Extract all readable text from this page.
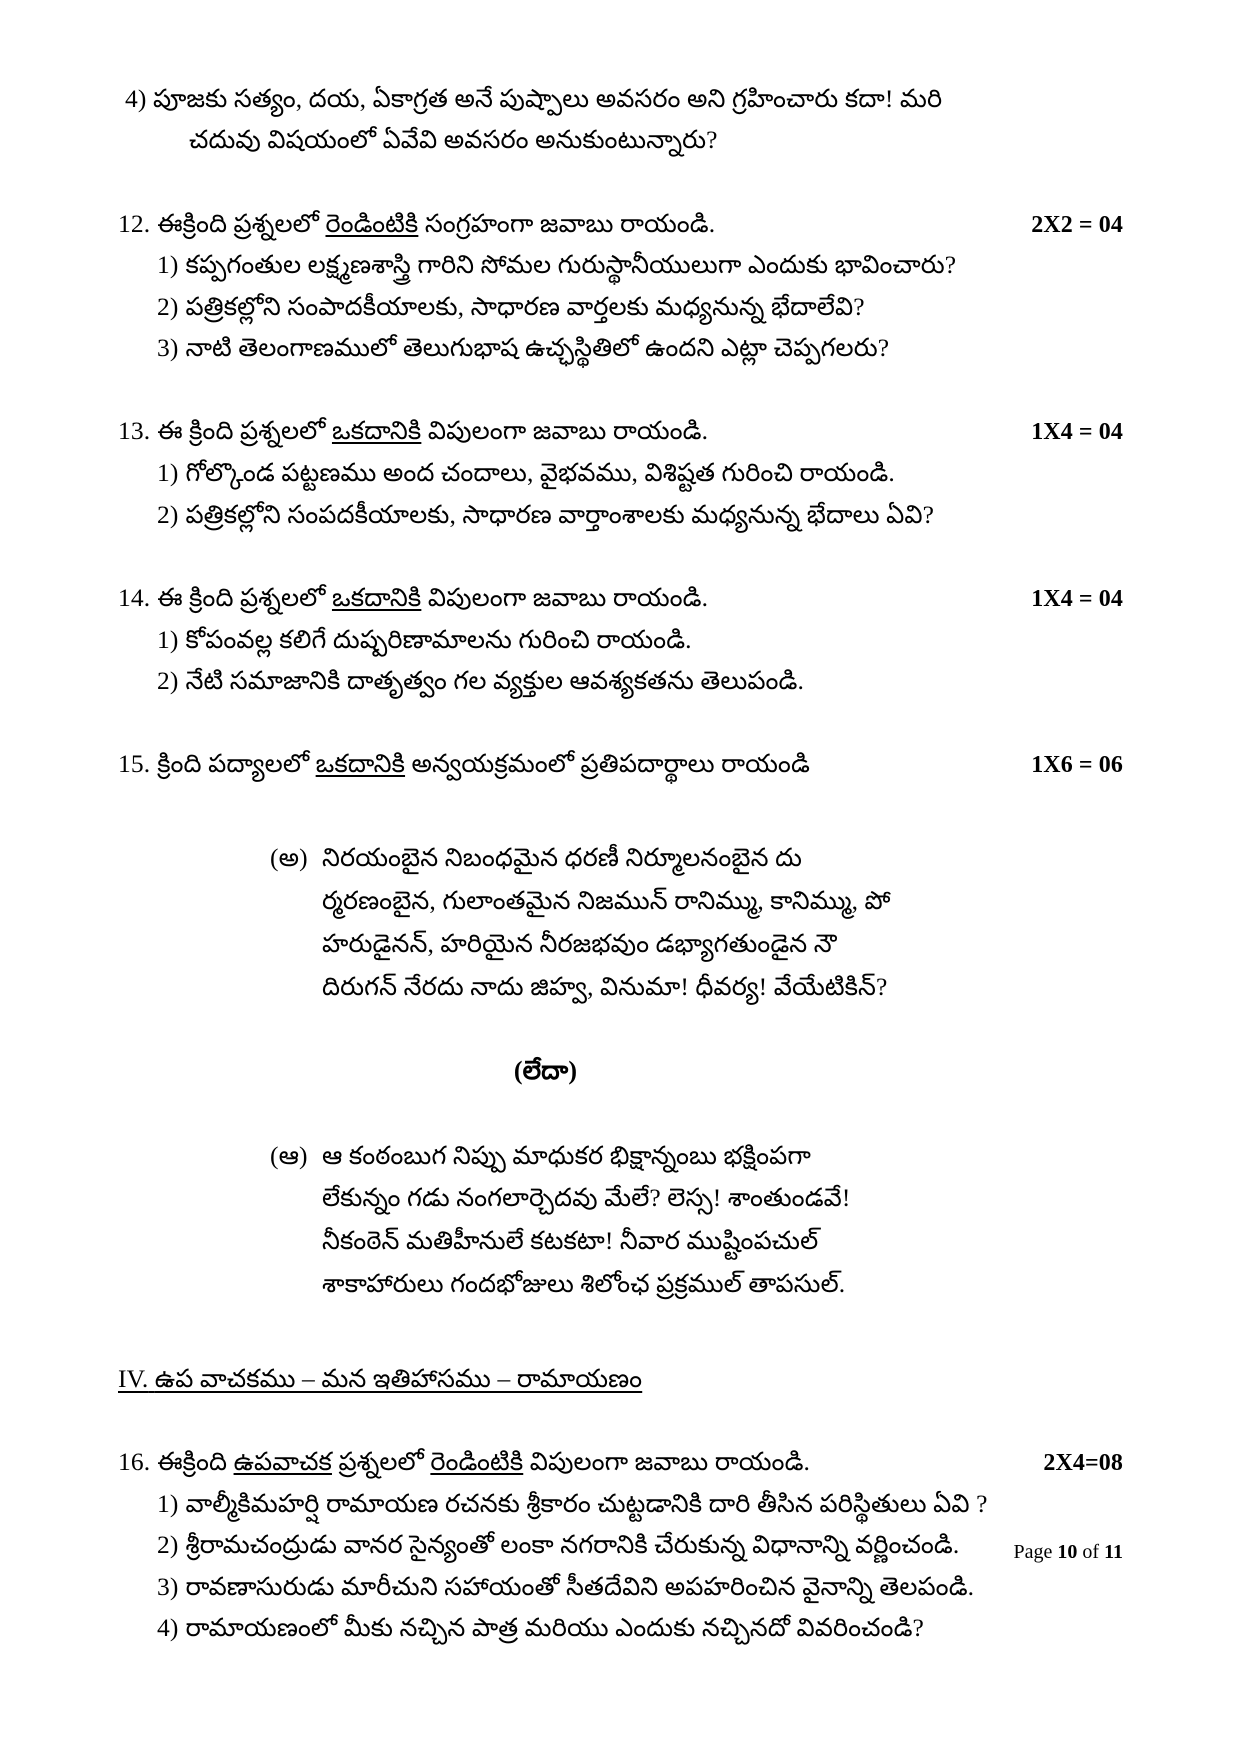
4) పూజకు సత్యం, దయ, ఏకాగ్రత అనే పుష్పాలు అవసరం అని గ్రహించారు కదా! మరి
చదువు విషయంలో ఏవేవి అవసరం అనుకుంటున్నారు?
12. ఈక్రింది ప్రశ్నలలో రెండింటికి సంగ్రహంగా జవాబు రాయండి.	2X2 = 04
1) కప్పగంతుల లక్ష్మణశాస్త్రి గారిని సోమల గురుస్థానీయులుగా ఎందుకు భావించారు?
2) పత్రికల్లోని సంపాదకీయాలకు, సాధారణ వార్తలకు మధ్యనున్న భేదాలేవి?
3) నాటి తెలంగాణములో తెలుగుభాష ఉచ్ఛస్థితిలో ఉందని ఎట్లా చెప్పగలరు?
13. ఈ క్రింది ప్రశ్నలలో ఒకదానికి విపులంగా జవాబు రాయండి.	1X4 = 04
1) గోల్కొండ పట్టణము అంద చందాలు, వైభవము, విశిష్టత గురించి రాయండి.
2) పత్రికల్లోని సంపదకీయాలకు, సాధారణ వార్తాంశాలకు మధ్యనున్న భేదాలు ఏవి?
14. ఈ క్రింది ప్రశ్నలలో ఒకదానికి విపులంగా జవాబు రాయండి.	1X4 = 04
1) కోపంవల్ల కలిగే దుష్పరిణామాలను గురించి రాయండి.
2) నేటి సమాజానికి దాతృత్వం గల వ్యక్తుల ఆవశ్యకతను తెలుపండి.
15. క్రింది పద్యాలలో ఒకదానికి అన్వయక్రమంలో ప్రతిపదార్థాలు రాయండి	1X6 = 06
(అ) నిరయంబైన నిబంధమైన ధరణీ నిర్మూలనంబైన దు
ర్మరణంబైన, గులాంతమైన నిజమున్ రానిమ్ము, కానిమ్ము, పో
హరుడైనన్, హరియైన నీరజభవుం డభ్యాగతుండైన నౌ
దిరుగన్ నేరదు నాదు జిహ్వ, వినుమా! ధీవర్య! వేయేటికిన్?
(లేదా)
(ఆ) ఆ కంఠంబుగ నిప్పు మాధుకర భిక్షాన్నంబు భక్షింపగా
లేకున్నం గడు నంగలార్చెదవు మేలే? లెస్స! శాంతుండవే!
నీకంఠెన్ మతిహీనులే కటకటా! నీవార ముష్టింపచుల్
శాకాహారులు గందభోజులు శిలోంఛ ప్రక్రముల్ తాపసుల్.
IV. ఉప వాచకము – మన ఇతిహాసము – రామాయణం
16. ఈక్రింది ఉపవాచక ప్రశ్నలలో రెండింటికి విపులంగా జవాబు రాయండి.	2X4=08
1) వాల్మీకిమహర్షి రామాయణ రచనకు శ్రీకారం చుట్టడానికి దారి తీసిన పరిస్థితులు ఏవి ?
2) శ్రీరామచంద్రుడు వానర సైన్యంతో లంకా నగరానికి చేరుకున్న విధానాన్ని వర్ణించండి.
3) రావణాసురుడు మారీచుని సహాయంతో సీతదేవిని అపహరించిన వైనాన్ని తెలపండి.
4) రామాయణంలో మీకు నచ్చిన పాత్ర మరియు ఎందుకు నచ్చినదో వివరించండి?
Page 10 of 11
